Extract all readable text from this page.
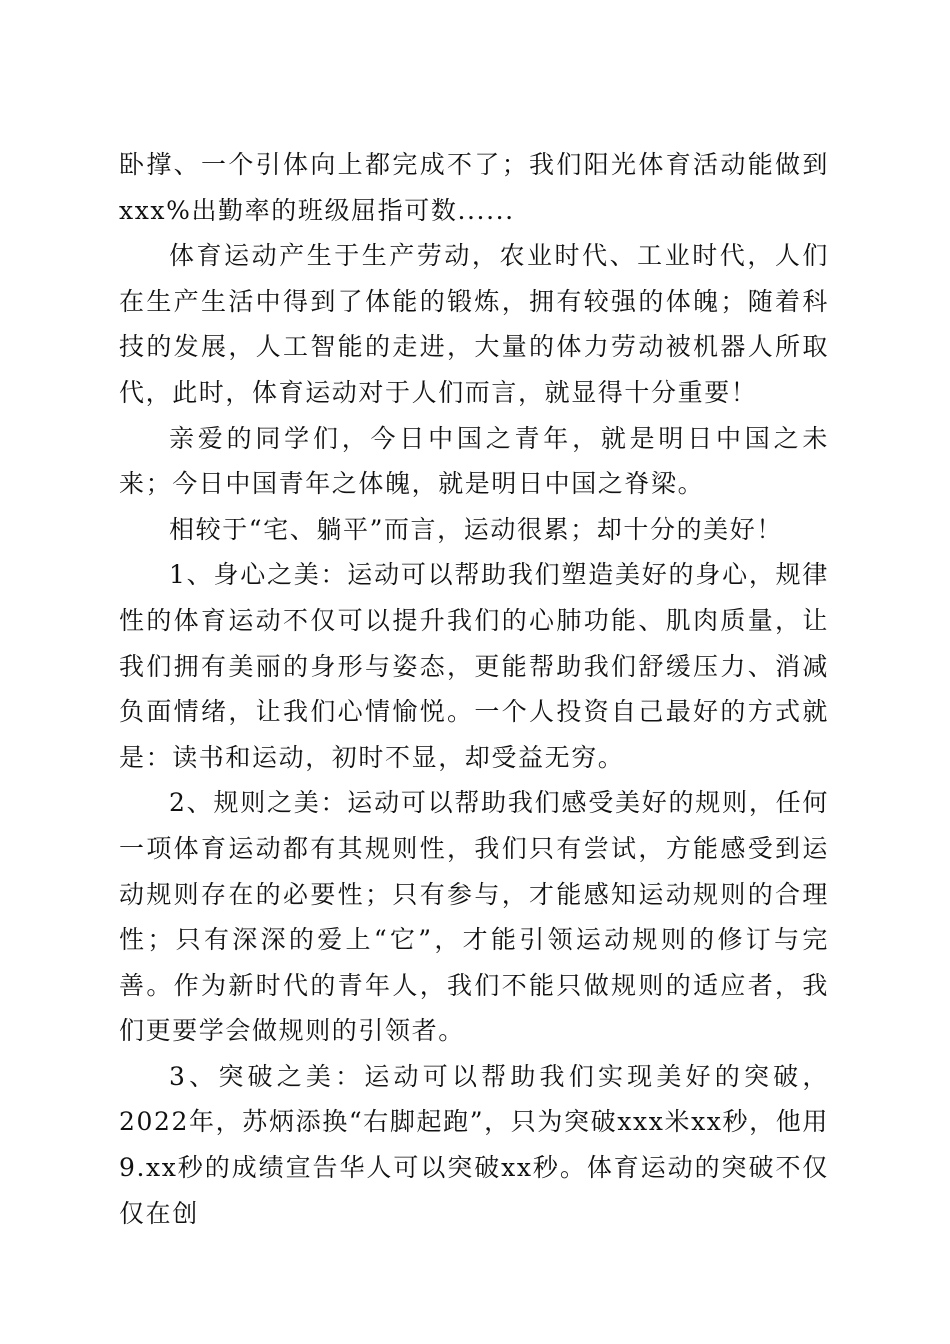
卧撑、一个引体向上都完成不了；我们阳光体育活动能做到xxx%出勤率的班级屈指可数......

体育运动产生于生产劳动，农业时代、工业时代，人们在生产生活中得到了体能的锻炼，拥有较强的体魄；随着科技的发展，人工智能的走进，大量的体力劳动被机器人所取代，此时，体育运动对于人们而言，就显得十分重要！

亲爱的同学们，今日中国之青年，就是明日中国之未来；今日中国青年之体魄，就是明日中国之脊梁。

相较于“宅、躺平”而言，运动很累；却十分的美好！

1、身心之美：运动可以帮助我们塑造美好的身心，规律性的体育运动不仅可以提升我们的心肺功能、肌肉质量，让我们拥有美丽的身形与姿态，更能帮助我们舒缓压力、消减负面情绪，让我们心情愉悦。一个人投资自己最好的方式就是：读书和运动，初时不显，却受益无穷。

2、规则之美：运动可以帮助我们感受美好的规则，任何一项体育运动都有其规则性，我们只有尝试，方能感受到运动规则存在的必要性；只有参与，才能感知运动规则的合理性；只有深深的爱上“它”，才能引领运动规则的修订与完善。作为新时代的青年人，我们不能只做规则的适应者，我们更要学会做规则的引领者。

3、突破之美：运动可以帮助我们实现美好的突破，2022年，苏炳添换“右脚起跑”，只为突破xxx米xx秒，他用9.xx秒的成绩宣告华人可以突破xx秒。体育运动的突破不仅仅在创
